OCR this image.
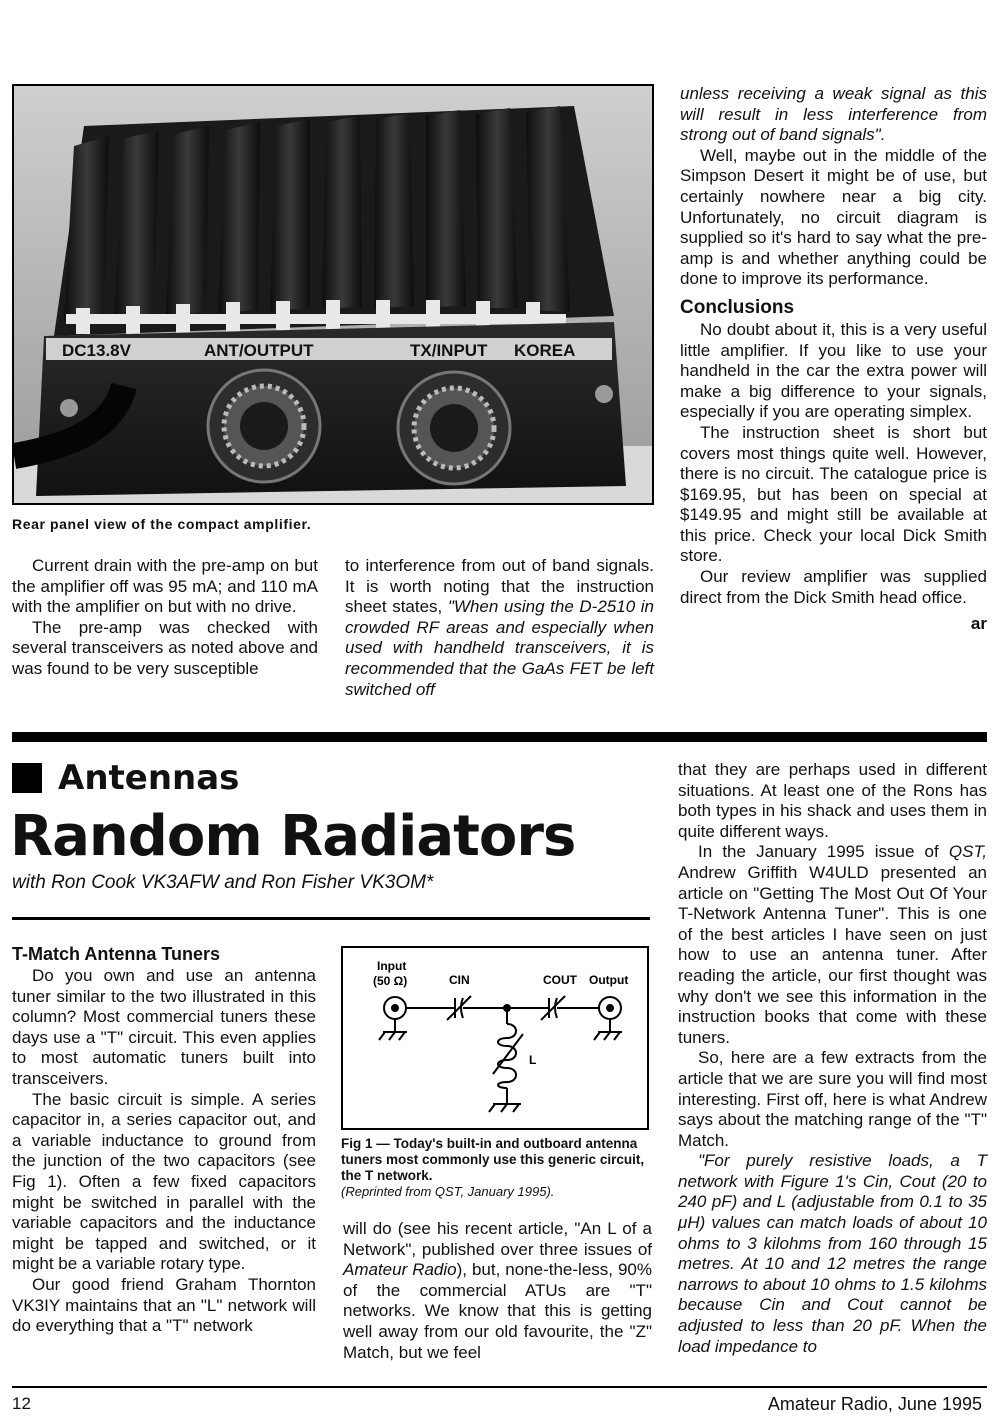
DC13.8V	ANT/OUTPUT	TX/INPUT KOREA
Rear panel view of the compact amplifier.

Current drain with the pre-amp on but the amplifier off was 95 mA; and 110 mA with the amplifier on but with no drive.

The pre-amp was checked with several transceivers as noted above and was found to be very susceptible

to interference from out of band signals. It is worth noting that the instruction sheet states, "When using the D-2510 in crowded RF areas and especially when used with handheld transceivers, it is recommended that the GaAs FET be left switched off

unless receiving a weak signal as this will result in less interference from strong out of band signals".

Well, maybe out in the middle of the Simpson Desert it might be of use, but certainly nowhere near a big city. Unfortunately, no circuit diagram is supplied so it's hard to say what the pre-amp is and whether anything could be done to improve its performance.

Conclusions

No doubt about it, this is a very useful little amplifier. If you like to use your handheld in the car the extra power will make a big difference to your signals, especially if you are operating simplex.

The instruction sheet is short but covers most things quite well. However, there is no circuit. The catalogue price is $169.95, but has been on special at $149.95 and might still be available at this price. Check your local Dick Smith store.

Our review amplifier was supplied direct from the Dick Smith head office.

ar

Antennas
Random Radiators
with Ron Cook VK3AFW and Ron Fisher VK3OM*

T-Match Antenna Tuners

Do you own and use an antenna tuner similar to the two illustrated in this column? Most commercial tuners these days use a "T" circuit. This even applies to most automatic tuners built into transceivers.

The basic circuit is simple. A series capacitor in, a series capacitor out, and a variable inductance to ground from the junction of the two capacitors (see Fig 1). Often a few fixed capacitors might be switched in parallel with the variable capacitors and the inductance might be tapped and switched, or it might be a variable rotary type.

Our good friend Graham Thornton VK3IY maintains that an "L" network will do everything that a "T" network

Input
(50 Ω)	CIN	COUT Output
L
Fig 1 — Today's built-in and outboard antenna tuners most commonly use this generic circuit, the T network.
(Reprinted from QST, January 1995).

will do (see his recent article, "An L of a Network", published over three issues of Amateur Radio), but, none-the-less, 90% of the commercial ATUs are "T" networks. We know that this is getting well away from our old favourite, the "Z" Match, but we feel

that they are perhaps used in different situations. At least one of the Rons has both types in his shack and uses them in quite different ways.

In the January 1995 issue of QST, Andrew Griffith W4ULD presented an article on "Getting The Most Out Of Your T-Network Antenna Tuner". This is one of the best articles I have seen on just how to use an antenna tuner. After reading the article, our first thought was why don't we see this information in the instruction books that come with these tuners.

So, here are a few extracts from the article that we are sure you will find most interesting. First off, here is what Andrew says about the matching range of the "T" Match.

"For purely resistive loads, a T network with Figure 1's Cin, Cout (20 to 240 pF) and L (adjustable from 0.1 to 35 μH) values can match loads of about 10 ohms to 3 kilohms from 160 through 15 metres. At 10 and 12 metres the range narrows to about 10 ohms to 1.5 kilohms because Cin and Cout cannot be adjusted to less than 20 pF. When the load impedance to

12	Amateur Radio, June 1995
